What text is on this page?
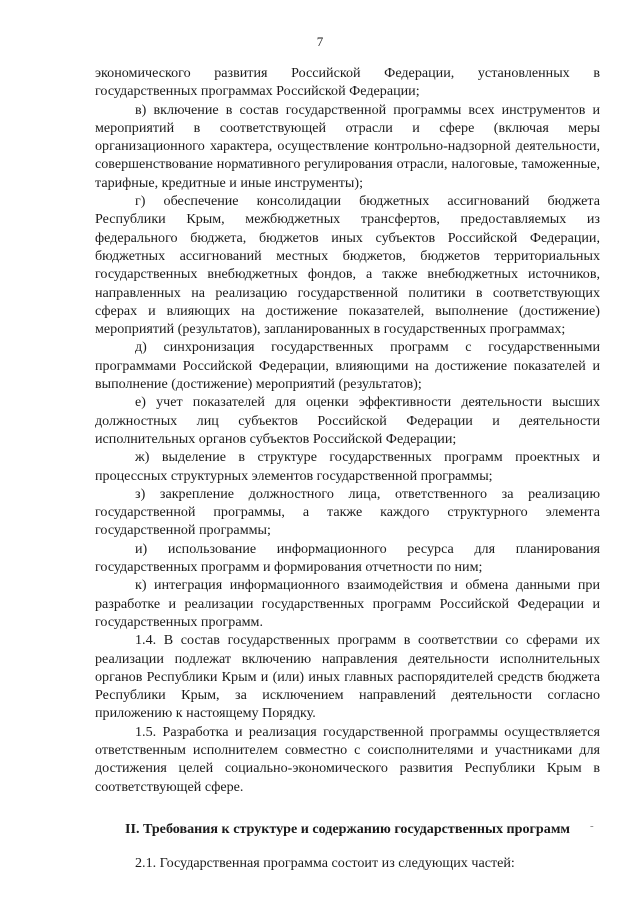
7

экономического развития Российской Федерации, установленных в государственных программах Российской Федерации;

в) включение в состав государственной программы всех инструментов и мероприятий в соответствующей отрасли и сфере (включая меры организационного характера, осуществление контрольно-надзорной деятельности, совершенствование нормативного регулирования отрасли, налоговые, таможенные, тарифные, кредитные и иные инструменты);

г) обеспечение консолидации бюджетных ассигнований бюджета Республики Крым, межбюджетных трансфертов, предоставляемых из федерального бюджета, бюджетов иных субъектов Российской Федерации, бюджетных ассигнований местных бюджетов, бюджетов территориальных государственных внебюджетных фондов, а также внебюджетных источников, направленных на реализацию государственной политики в соответствующих сферах и влияющих на достижение показателей, выполнение (достижение) мероприятий (результатов), запланированных в государственных программах;

д) синхронизация государственных программ с государственными программами Российской Федерации, влияющими на достижение показателей и выполнение (достижение) мероприятий (результатов);

е) учет показателей для оценки эффективности деятельности высших должностных лиц субъектов Российской Федерации и деятельности исполнительных органов субъектов Российской Федерации;

ж) выделение в структуре государственных программ проектных и процессных структурных элементов государственной программы;

з) закрепление должностного лица, ответственного за реализацию государственной программы, а также каждого структурного элемента государственной программы;

и) использование информационного ресурса для планирования государственных программ и формирования отчетности по ним;

к) интеграция информационного взаимодействия и обмена данными при разработке и реализации государственных программ Российской Федерации и государственных программ.

1.4. В состав государственных программ в соответствии со сферами их реализации подлежат включению направления деятельности исполнительных органов Республики Крым и (или) иных главных распорядителей средств бюджета Республики Крым, за исключением направлений деятельности согласно приложению к настоящему Порядку.

1.5. Разработка и реализация государственной программы осуществляется ответственным исполнителем совместно с соисполнителями и участниками для достижения целей социально-экономического развития Республики Крым в соответствующей сфере.

II. Требования к структуре и содержанию государственных программ

2.1. Государственная программа состоит из следующих частей:

-
